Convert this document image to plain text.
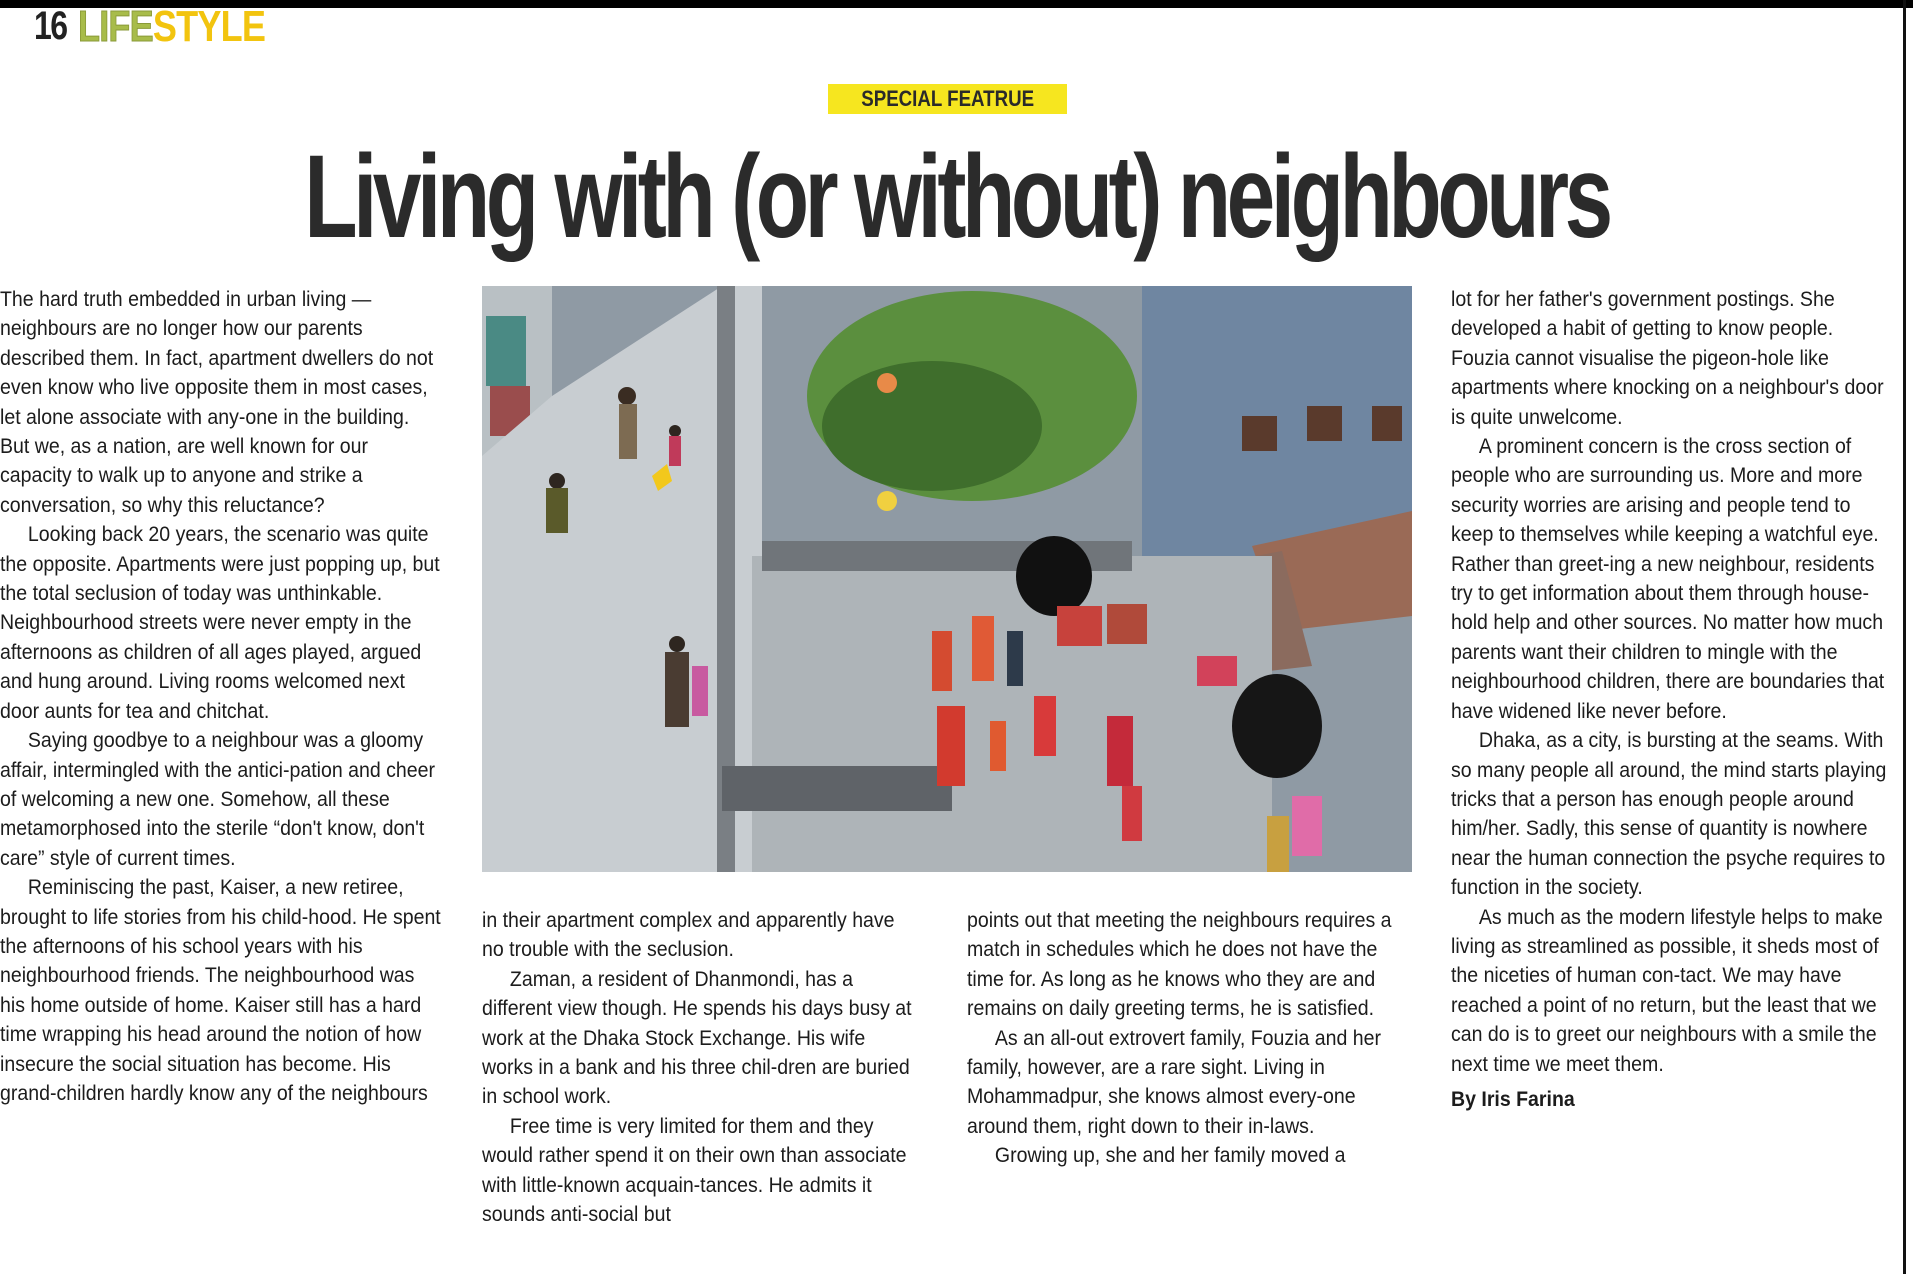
16 LIFESTYLE
SPECIAL FEATRUE
Living with (or without) neighbours

The hard truth embedded in urban living — neighbours are no longer how our parents described them. In fact, apartment dwellers do not even know who live opposite them in most cases, let alone associate with any-one in the building. But we, as a nation, are well known for our capacity to walk up to anyone and strike a conversation, so why this reluctance?

Looking back 20 years, the scenario was quite the opposite. Apartments were just popping up, but the total seclusion of today was unthinkable. Neighbourhood streets were never empty in the afternoons as children of all ages played, argued and hung around. Living rooms welcomed next door aunts for tea and chitchat.

Saying goodbye to a neighbour was a gloomy affair, intermingled with the antici-pation and cheer of welcoming a new one. Somehow, all these metamorphosed into the sterile “don't know, don't care” style of current times.

Reminiscing the past, Kaiser, a new retiree, brought to life stories from his child-hood. He spent the afternoons of his school years with his neighbourhood friends. The neighbourhood was his home outside of home. Kaiser still has a hard time wrapping his head around the notion of how insecure the social situation has become. His grand-children hardly know any of the neighbours

in their apartment complex and apparently have no trouble with the seclusion.

Zaman, a resident of Dhanmondi, has a different view though. He spends his days busy at work at the Dhaka Stock Exchange. His wife works in a bank and his three chil-dren are buried in school work.

Free time is very limited for them and they would rather spend it on their own than associate with little-known acquain-tances. He admits it sounds anti-social but

points out that meeting the neighbours requires a match in schedules which he does not have the time for. As long as he knows who they are and remains on daily greeting terms, he is satisfied.

As an all-out extrovert family, Fouzia and her family, however, are a rare sight. Living in Mohammadpur, she knows almost every-one around them, right down to their in-laws.

Growing up, she and her family moved a

lot for her father's government postings. She developed a habit of getting to know people. Fouzia cannot visualise the pigeon-hole like apartments where knocking on a neighbour's door is quite unwelcome.

A prominent concern is the cross section of people who are surrounding us. More and more security worries are arising and people tend to keep to themselves while keeping a watchful eye. Rather than greet-ing a new neighbour, residents try to get information about them through house-hold help and other sources. No matter how much parents want their children to mingle with the neighbourhood children, there are boundaries that have widened like never before.

Dhaka, as a city, is bursting at the seams. With so many people all around, the mind starts playing tricks that a person has enough people around him/her. Sadly, this sense of quantity is nowhere near the human connection the psyche requires to function in the society.

As much as the modern lifestyle helps to make living as streamlined as possible, it sheds most of the niceties of human con-tact. We may have reached a point of no return, but the least that we can do is to greet our neighbours with a smile the next time we meet them.

By Iris Farina
